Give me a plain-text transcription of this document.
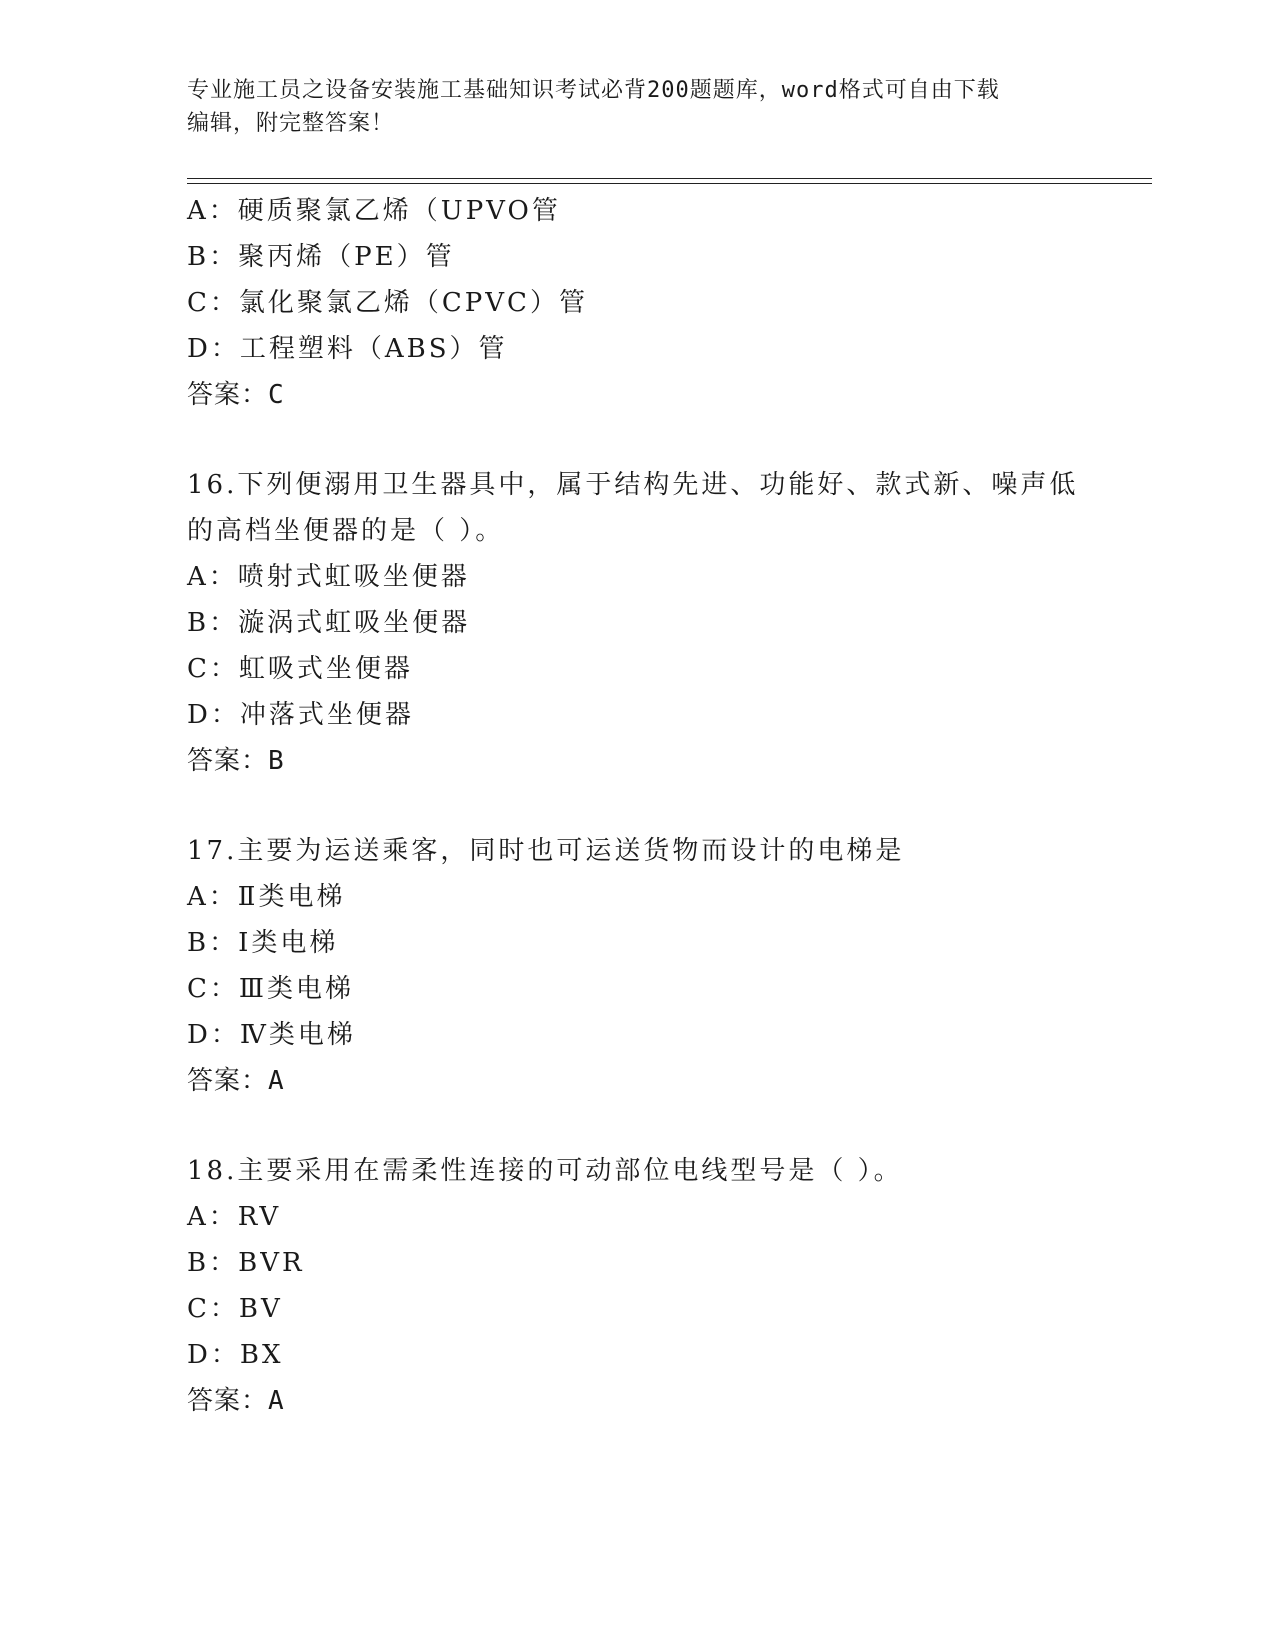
专业施工员之设备安装施工基础知识考试必背200题题库，word格式可自由下载
编辑，附完整答案！
A：硬质聚氯乙烯（UPVO管
B：聚丙烯（PE）管
C：氯化聚氯乙烯（CPVC）管
D：工程塑料（ABS）管
答案：C
16.下列便溺用卫生器具中，属于结构先进、功能好、款式新、噪声低
的高档坐便器的是（ ）。
A：喷射式虹吸坐便器
B：漩涡式虹吸坐便器
C：虹吸式坐便器
D：冲落式坐便器
答案：B
17.主要为运送乘客，同时也可运送货物而设计的电梯是
A：Ⅱ类电梯
B：Ⅰ类电梯
C：Ⅲ类电梯
D：Ⅳ类电梯
答案：A
18.主要采用在需柔性连接的可动部位电线型号是（ ）。
A：RV
B：BVR
C：BV
D：BX
答案：A
